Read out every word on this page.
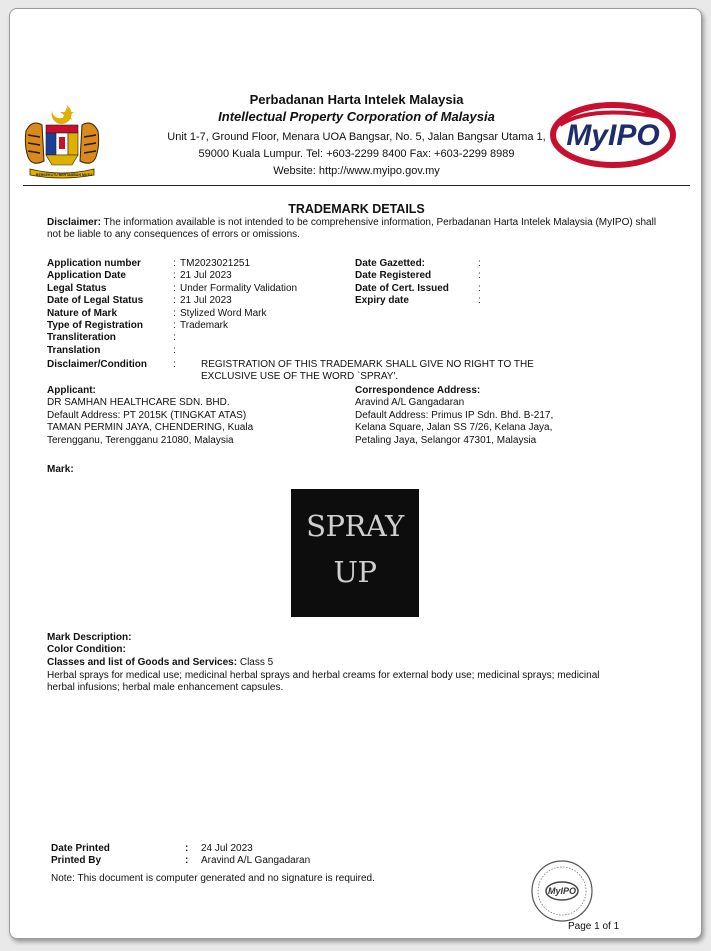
BERSEKUTU BERTAMBAH MUTU
Perbadanan Harta Intelek Malaysia
Intellectual Property Corporation of Malaysia
Unit 1-7, Ground Floor, Menara UOA Bangsar, No. 5, Jalan Bangsar Utama 1,
59000 Kuala Lumpur. Tel: +603-2299 8400 Fax: +603-2299 8989
Website: http://www.myipo.gov.my
MyIPO
TRADEMARK DETAILS
Disclaimer: The information available is not intended to be comprehensive information, Perbadanan Harta Intelek Malaysia (MyIPO) shall not be liable to any consequences of errors or omissions.
Application number	: TM2023021251
Application Date	: 21 Jul 2023
Legal Status	: Under Formality Validation
Date of Legal Status	: 21 Jul 2023
Nature of Mark	: Stylized Word Mark
Type of Registration	: Trademark
Transliteration	:
Translation	:
Date Gazetted:	:
Date Registered	:
Date of Cert. Issued	:
Expiry date	:
Disclaimer/Condition	:	REGISTRATION OF THIS TRADEMARK SHALL GIVE NO RIGHT TO THE
EXCLUSIVE USE OF THE WORD `SPRAY'.
Applicant:
DR SAMHAN HEALTHCARE SDN. BHD.
Default Address: PT 2015K (TINGKAT ATAS)
TAMAN PERMIN JAYA, CHENDERING, Kuala
Terengganu, Terengganu 21080, Malaysia
Correspondence Address:
Aravind A/L Gangadaran
Default Address: Primus IP Sdn. Bhd. B-217,
Kelana Square, Jalan SS 7/26, Kelana Jaya,
Petaling Jaya, Selangor 47301, Malaysia
Mark:
SPRAY
UP
Mark Description:
Color Condition:
Classes and list of Goods and Services: Class 5
Herbal sprays for medical use; medicinal herbal sprays and herbal creams for external body use; medicinal sprays; medicinal
herbal infusions; herbal male enhancement capsules.
Date Printed	: 24 Jul 2023
Printed By	: Aravind A/L Gangadaran
Note: This document is computer generated and no signature is required.
MyIPO
Page 1 of 1
